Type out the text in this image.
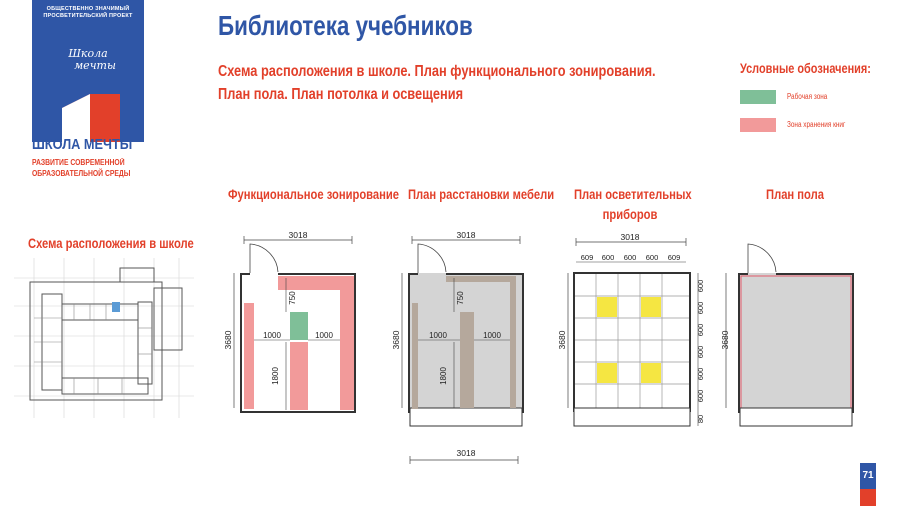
ОБЩЕСТВЕННО ЗНАЧИМЫЙ ПРОСВЕТИТЕЛЬСКИЙ ПРОЕКТ
Школа
мечты
ШКОЛА МЕЧТЫ
РАЗВИТИЕ СОВРЕМЕННОЙ
ОБРАЗОВАТЕЛЬНОЙ СРЕДЫ
Библиотека учебников
Схема расположения в школе. План функционального зонирования.
План пола. План потолка и освещения
Условные обозначения:
Рабочая зона
Зона хранения книг
Функциональное зонирование План расстановки мебели План осветительных
приборов
План пола
Схема расположения в школе	3018
3680
750
1000	1000
1800
3018
3680
750
1000	1000
1800
3018
3018
609 600 600 600 609
3680
600
600
600
600
600
600
80
3680
71
